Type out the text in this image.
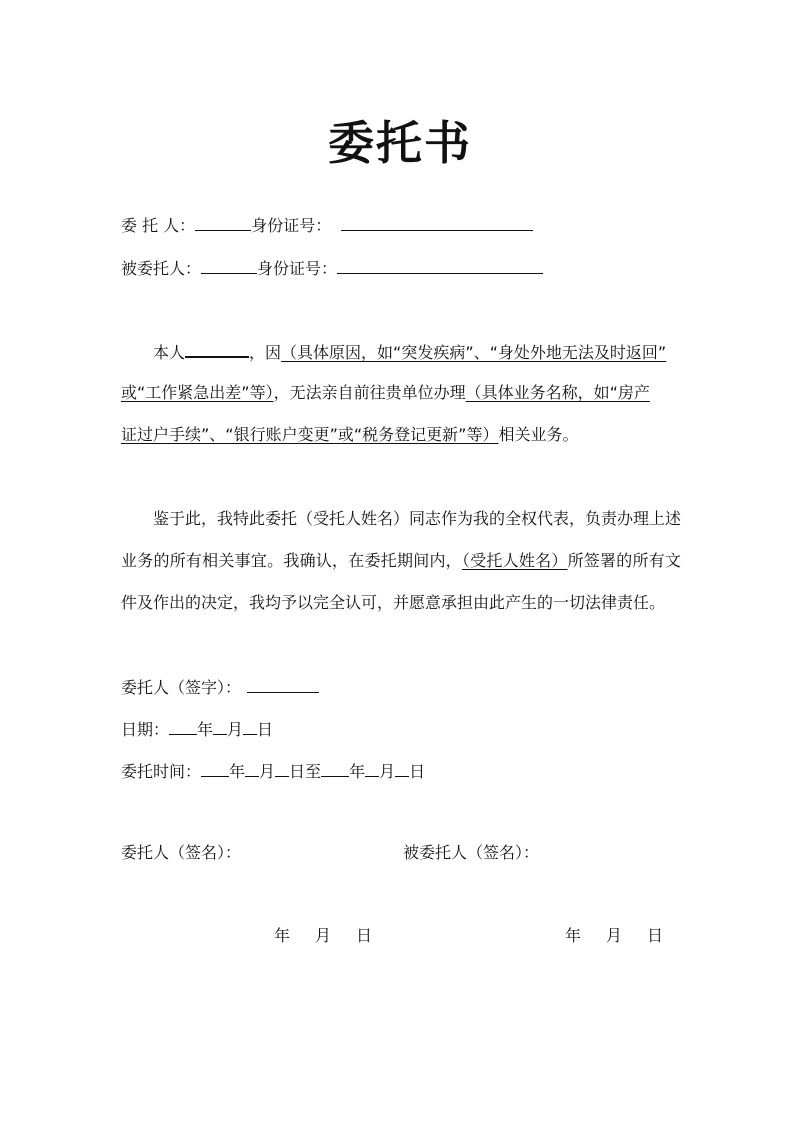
委托书
委 托 人：	身份证号：
被委托人：	身份证号：
本人	，因（具体原因，如“突发疾病”、“身处外地无法及时返回”
或“工作紧急出差”等），无法亲自前往贵单位办理（具体业务名称，如“房产
证过户手续”、“银行账户变更”或“税务登记更新”等）相关业务。
鉴于此，我特此委托（受托人姓名）同志作为我的全权代表，负责办理上述业务的所有相关事宜。我确认，在委托期间内，（受托人姓名）所签署的所有文件及作出的决定，我均予以完全认可，并愿意承担由此产生的一切法律责任。
委托人（签字）：
日期： 年 月 日
委托时间： 年 月 日至 年 月 日
委托人（签名）：	被委托人（签名）：
年 月 日	年 月 日
